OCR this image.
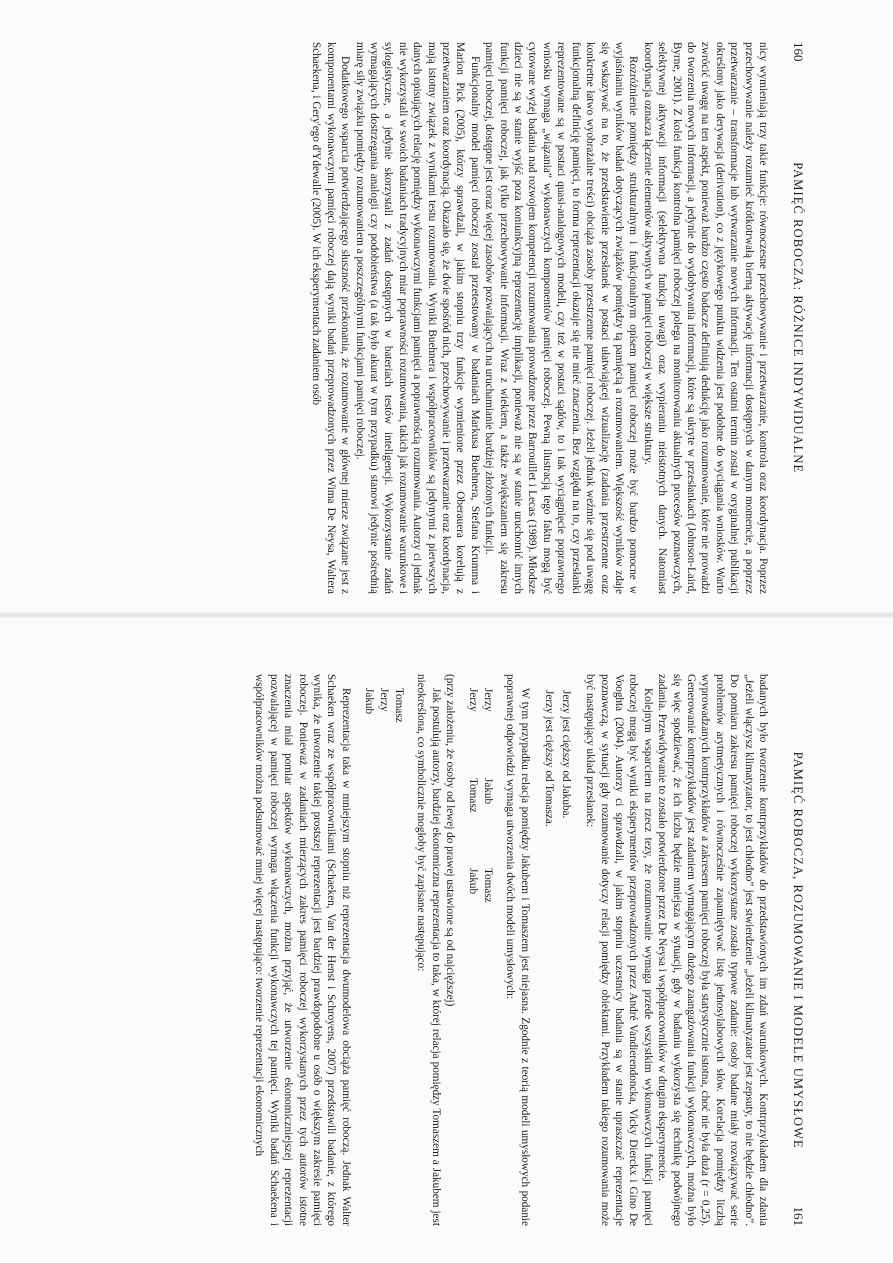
160
PAMIĘĆ ROBOCZA: RÓŻNICE INDYWIDUALNE

nicy wymieniają trzy takie funkcje: równoczesne przechowywanie i przetwarzanie, kontrola oraz koordynacja. Poprzez przechowywanie należy rozumieć krótkotrwałą bierną aktywację informacji dostępnych w danym momencie, a poprzez przetwarzanie – transformacje lub wytwarzanie nowych informacji. Ten ostatni termin został w oryginalnej publikacji określony jako derywacja (derivation), co z językowego punktu widzenia jest podobne do wyciągania wniosków. Warto zwrócić uwagę na ten aspekt, ponieważ bardzo często badacze definiują dedukcję jako rozumowanie, które nie prowadzi do tworzenia nowych informacji, a jedynie do wydobywania informacji, które są ukryte w przesłankach (Johnson-Laird, Byrne, 2001). Z kolei funkcja kontrolna pamięci roboczej polega na monitorowaniu aktualnych procesów poznawczych, selektywnej aktywacji informacji (selektywna funkcja uwagi) oraz wypieraniu nieistotnych danych. Natomiast koordynacja oznacza łączenie elementów aktywnych w pamięci roboczej w większe struktury.

Rozróżnienie pomiędzy strukturalnym i funkcjonalnym opisem pamięci roboczej może być bardzo pomocne w wyjaśnianiu wyników badań dotyczących związków pomiędzy tą pamięcią a rozumowaniem. Większość wyników zdaje się wskazywać na to, że przedstawienie przesłanek w postaci ułatwiającej wizualizację (zadania przestrzenne oraz konkretne łatwo wyobrażalne treści) obciąża zasoby przestrzenne pamięci roboczej. Jeżeli jednak weźmie się pod uwagę funkcjonalną definicję pamięci, to forma reprezentacji okazuje się nie mieć znaczenia. Bez względu na to, czy przesłanki reprezentowane są w postaci quasi-analogowych modeli, czy też w postaci sądów, to i tak wyciągnięcie poprawnego wniosku wymaga „wiązania” wykonawczych komponentów pamięci roboczej. Pewną ilustracją tego faktu mogą być cytowane wyżej badania nad rozwojem kompetencji rozumowania prowadzone przez Barrouillet i Lecas (1989). Młodsze dzieci nie są w stanie wyjść poza koniunkcyjną reprezentację implikacji, ponieważ nie są w stanie uruchomić innych funkcji pamięci roboczej, jak tylko przechowywanie informacji. Wraz z wiekiem, a także zwiększaniem się zakresu pamięci roboczej, dostępne jest coraz więcej zasobów pozwalających na uruchamianie bardziej złożonych funkcji.

Funkcjonalny model pamięci roboczej został przetestowany w badaniach Markusa Buehnera, Stefana Krumma i Marion Pick (2005), którzy sprawdzali, w jakim stopniu trzy funkcje wymienione przez Oberauera korelują z przetwarzaniem oraz koordynacją. Okazało się, że dwie spośród nich, przechowywanie i przetwarzanie oraz koordynacja, mają istotny związek z wynikami testu rozumowania. Wyniki Buehnera i współpracowników są jedynymi z pierwszych danych opisujących relację pomiędzy wykonawczymi funkcjami pamięci a poprawnością rozumowania. Autorzy ci jednak nie wykorzystali w swoich badaniach tradycyjnych miar poprawności rozumowania, takich jak rozumowanie warunkowe i sylogistyczne, a jedynie skorzystali z zadań dostępnych w bateriach testów inteligencji. Wykorzystanie zadań wymagających dostrzegania analogii czy podobieństwa (a tak było akurat w tym przypadku) stanowi jedynie pośrednią miarę siły związku pomiędzy rozumowaniem a poszczególnymi funkcjami pamięci roboczej.

Dodatkowego wsparcia potwierdzającego słuszność przekonania, że rozumowanie w głównej mierze związane jest z komponentami wykonawczymi pamięci roboczej dają wyniki badań przeprowadzonych przez Wima De Neysa, Waltera Schaekena, i Gery'ego d'Ydewalle (2005). W ich eksperymentach zadaniem osób

PAMIĘĆ ROBOCZA, ROZUMOWANIE I MODELE UMYSŁOWE
161

badanych było tworzenie kontrprzykładów do przedstawionych im zdań warunkowych. Kontrprzykładem dla zdania „Jeżeli włączysz klimatyzator, to jest chłodno” jest stwierdzenie „Jeżeli klimatyzator jest zepsuty, to nie będzie chłodno”. Do pomiaru zakresu pamięci roboczej wykorzystane zostało typowe zadanie: osoby badane miały rozwiązywać serie problemów arytmetycznych i równocześnie zapamiętywać listę jednosylabowych słów. Korelacja pomiędzy liczbą wyprowadzanych kontrprzykładów a zakresem pamięci roboczej była statystycznie istotna, choć nie była duża (r = 0,25). Generowanie kontrprzykładów jest zadaniem wymagającym dużego zaangażowania funkcji wykonawczych, można było się więc spodziewać, że ich liczba będzie mniejsza w sytuacji, gdy w badaniu wykorzysta się technikę podwójnego zadania. Przewidywanie to zostało potwierdzone przez De Neysa i współpracowników w drugim eksperymencie.

Kolejnym wsparciem na rzecz tezy, że rozumowanie wymaga przede wszystkim wykonawczych funkcji pamięci roboczej mogą być wyniki eksperymentów przeprowadzonych przez André Vandierendoncka, Vicky Dierckx i Gino De Vooghta (2004). Autorzy ci sprawdzali, w jakim stopniu uczestnicy badania są w stanie upraszczać reprezentacje poznawczą, w sytuacji gdy rozumowanie dotyczy relacji pomiędzy obiektami. Przykładem takiego rozumowania może być następujący układ przesłanek:

Jerzy jest cięższy od Jakuba.

Jerzy jest cięższy od Tomasza.

W tym przypadku relacja pomiędzy Jakubem i Tomaszem jest niejasna. Zgodnie z teorią modeli umysłowych podanie poprawnej odpowiedzi wymaga utworzenia dwóch modeli umysłowych:

Jerzy
Jakub
Tomasz
Jerzy
Tomasz
Jakub

(przy założeniu, że osoby od lewej do prawej ustawione są od najcięższej)

Jak postulują autorzy, bardziej ekonomiczna reprezentacja to taka, w której relacja pomiędzy Tomaszem a Jakubem jest nieokreślona, co symbolicznie mogłoby być zapisane następująco:

Tomasz
Jerzy
Jakub

Reprezentacja taka w mniejszym stopniu niż reprezentacja dwumodelowa obciąża pamięć roboczą. Jednak Walter Schaeken wraz ze współpracownikami (Schaeken, Van der Henst i Schroyens, 2007) przedstawili badanie, z którego wynika, że utworzenie takiej prostszej reprezentacji jest bardziej prawdopodobne u osób o większym zakresie pamięci roboczej. Ponieważ w zadaniach mierzących zakres pamięci roboczej wykorzystanych przez tych autorów istotne znaczenia miał pomiar aspektów wykonawczych, można przyjąć, że utworzenie ekonomiczniejszej reprezentacji pozwalającej w pamięci roboczej wymaga włączenia funkcji wykonawczych tej pamięci. Wyniki badań Schaekena i współpracowników można podsumować mniej więcej następująco: tworzenie reprezentacji ekonomicznych
